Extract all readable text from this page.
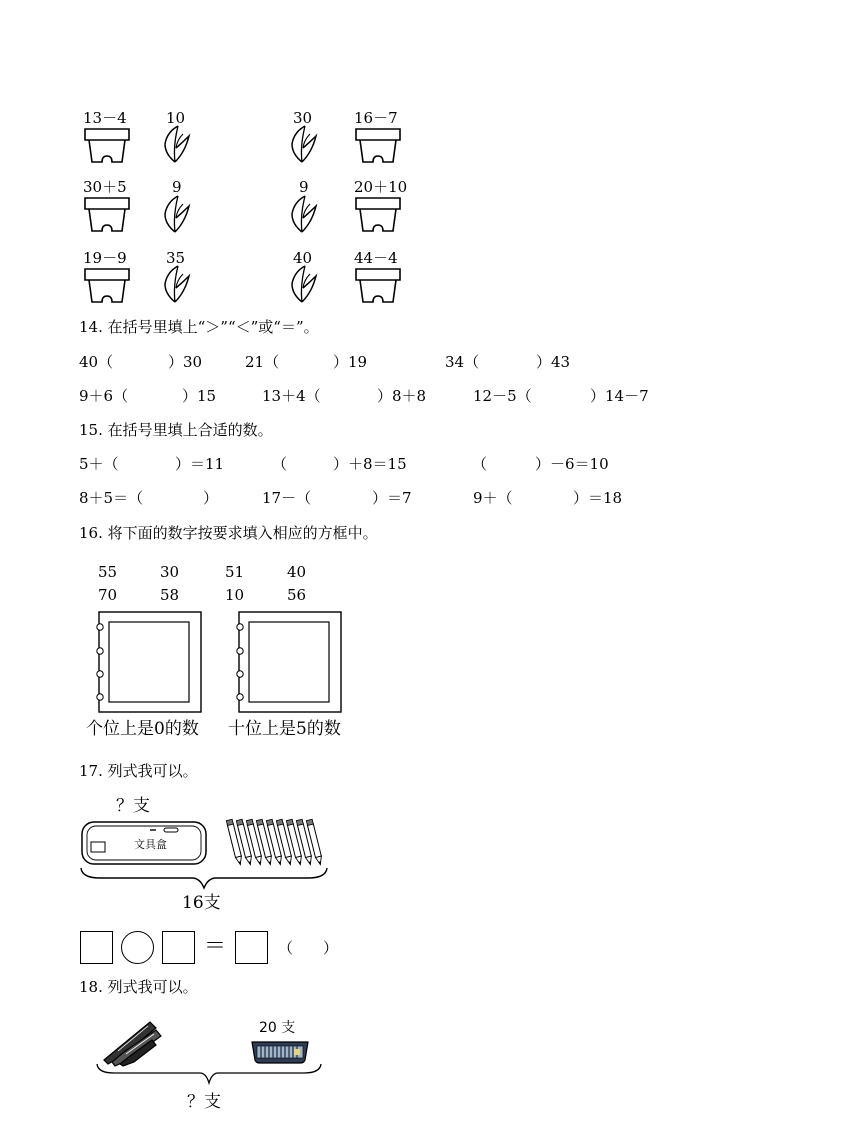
13－4	10	30	16－7
30＋5	9	9	20＋10
19－9	35	40	44－4
14. 在括号里填上“＞”“＜”或“＝”。
40（	）30	21（	）19	34（	）43
9＋6（	）15	13＋4（	）8＋8	12－5（	）14－7
15. 在括号里填上合适的数。
5＋（	）＝11	（	）＋8＝15	（	）－6＝10
8＋5＝（	）	17－（	）＝7	9＋（	）＝18
16. 将下面的数字按要求填入相应的方框中。
55	30	51	40
70	58	10	56
个位上是0的数 十位上是5的数
17. 列式我可以。
？支
文具盒
16支
＝	（　　）
18. 列式我可以。
20 支
？支
